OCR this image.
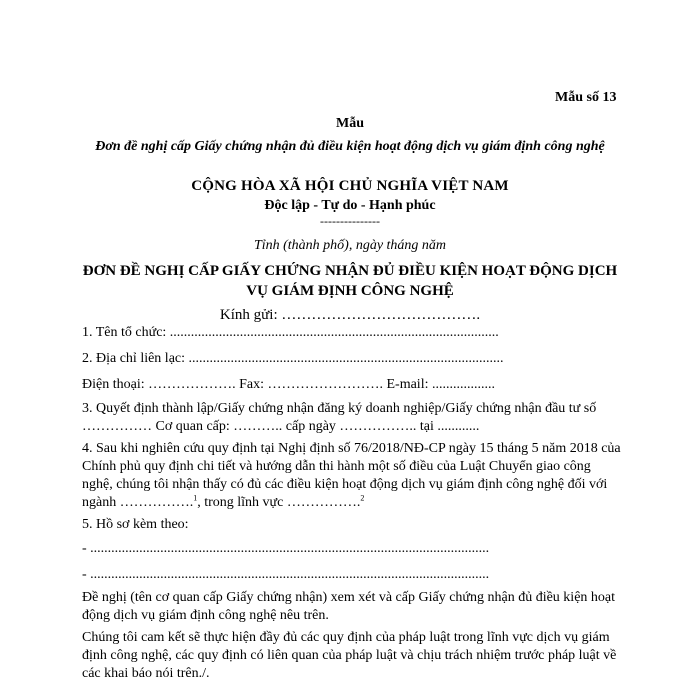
Mẫu số 13
Mẫu
Đơn đề nghị cấp Giấy chứng nhận đủ điều kiện hoạt động dịch vụ giám định công nghệ
CỘNG HÒA XÃ HỘI CHỦ NGHĨA VIỆT NAM
Độc lập - Tự do - Hạnh phúc
---------------
Tỉnh (thành phố), ngày tháng năm
ĐƠN ĐỀ NGHỊ CẤP GIẤY CHỨNG NHẬN ĐỦ ĐIỀU KIỆN HOẠT ĐỘNG DỊCH VỤ GIÁM ĐỊNH CÔNG NGHỆ
Kính gửi: ………………………………….
1. Tên tổ chức: ..............................................................................................
2. Địa chỉ liên lạc: ..........................................................................................
Điện thoại: ………………. Fax: ……………………. E-mail: ..................
3. Quyết định thành lập/Giấy chứng nhận đăng ký doanh nghiệp/Giấy chứng nhận đầu tư số …………… Cơ quan cấp: ……….. cấp ngày …………….. tại ............
4. Sau khi nghiên cứu quy định tại Nghị định số 76/2018/NĐ-CP ngày 15 tháng 5 năm 2018 của Chính phủ quy định chi tiết và hướng dẫn thi hành một số điều của Luật Chuyển giao công nghệ, chúng tôi nhận thấy có đủ các điều kiện hoạt động dịch vụ giám định công nghệ đối với ngành …………….$^1$, trong lĩnh vực …………….$^2$
5. Hồ sơ kèm theo:
- ..................................................................................................................
- ..................................................................................................................
Đề nghị (tên cơ quan cấp Giấy chứng nhận) xem xét và cấp Giấy chứng nhận đủ điều kiện hoạt động dịch vụ giám định công nghệ nêu trên.
Chúng tôi cam kết sẽ thực hiện đầy đủ các quy định của pháp luật trong lĩnh vực dịch vụ giám định công nghệ, các quy định có liên quan của pháp luật và chịu trách nhiệm trước pháp luật về các khai báo nói trên./.
